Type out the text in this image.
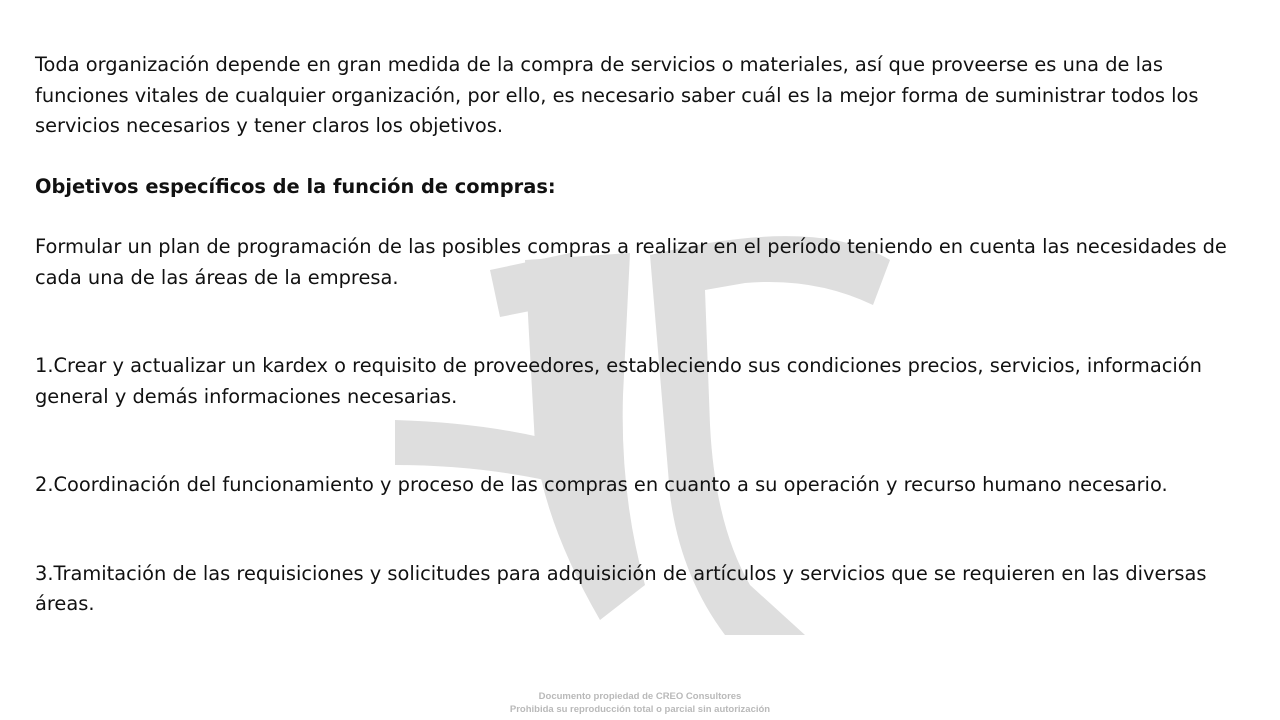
Toda organización depende en gran medida de la compra de servicios o materiales, así que proveerse es una de las funciones vitales de cualquier organización, por ello, es necesario saber cuál es la mejor forma de suministrar todos los servicios necesarios y tener claros los objetivos.

Objetivos específicos de la función de compras:

Formular un plan de programación de las posibles compras a realizar en el período teniendo en cuenta las necesidades de cada una de las áreas de la empresa.

1.Crear y actualizar un kardex o requisito de proveedores, estableciendo sus condiciones precios, servicios, información general y demás informaciones necesarias.

2.Coordinación del funcionamiento y proceso de las compras en cuanto a su operación y recurso humano necesario.

3.Tramitación de las requisiciones y solicitudes para adquisición de artículos y servicios que se requieren en las diversas áreas.

Documento propiedad de CREO Consultores
Prohibida su reproducción total o parcial sin autorización
